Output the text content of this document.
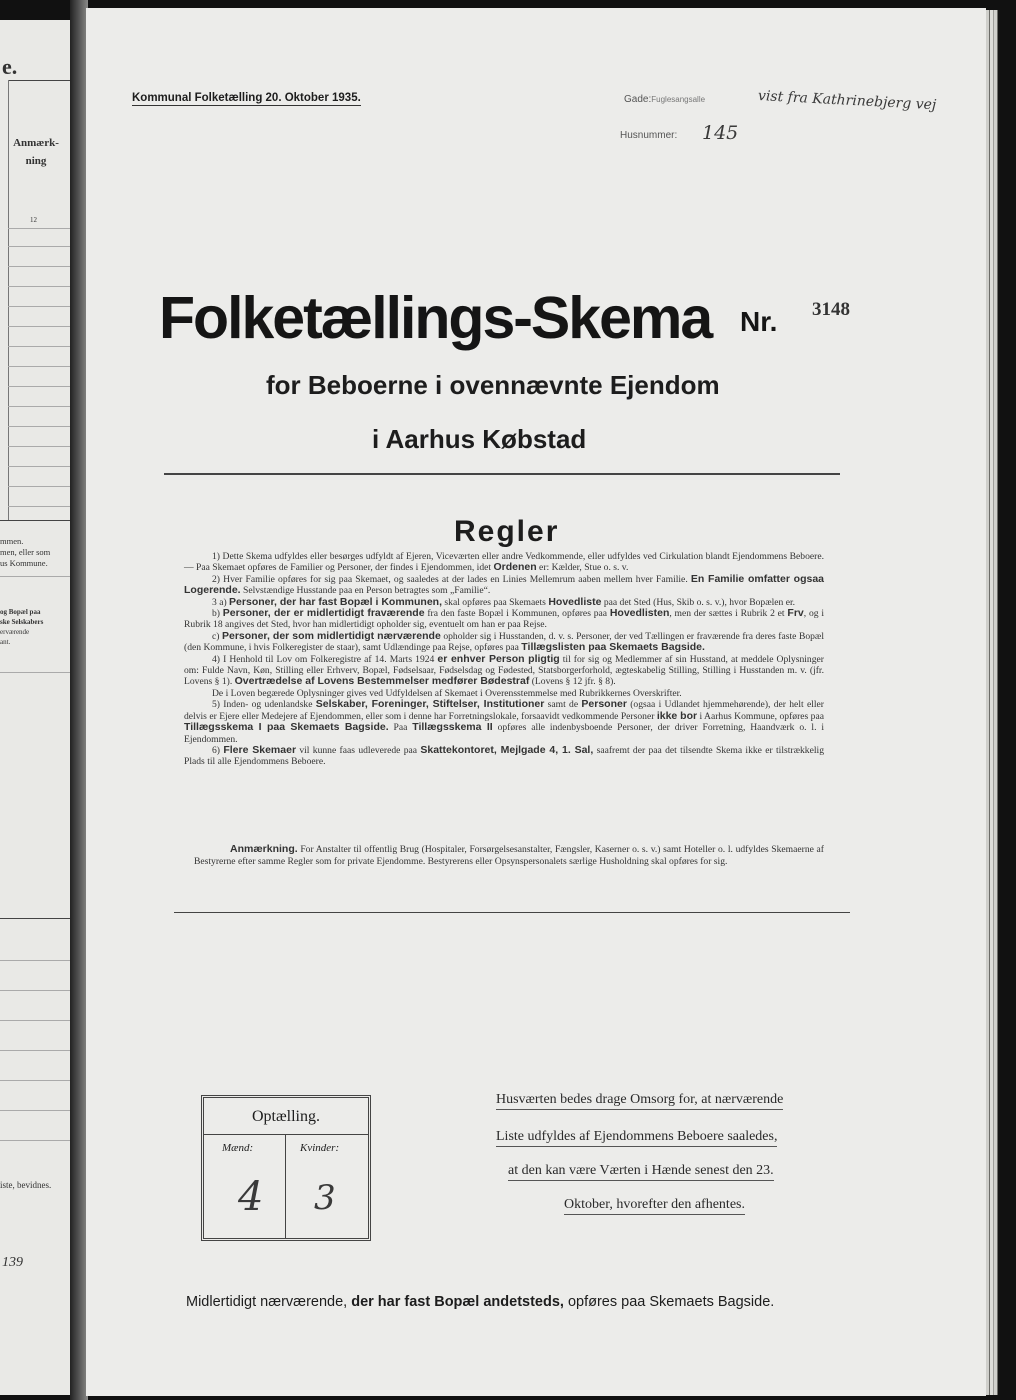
e.
Anmærk-
ning
12
mmen.
men, eller som
us Kommune.
og Bopæl paa
ske Selskabers
erværende
ant.
iste, bevidnes.
139
Kommunal Folketælling 20. Oktober 1935.	Gade:Fuglesangsalle	vist fra Kathrinebjerg vej
Husnummer: 145
Folketællings-Skema Nr. 3148
for Beboerne i ovennævnte Ejendom
i Aarhus Købstad
Regler

1) Dette Skema udfyldes eller besørges udfyldt af Ejeren, Viceværten eller andre Vedkommende, eller udfyldes ved Cirkulation blandt Ejendommens Beboere. — Paa Skemaet opføres de Familier og Personer, der findes i Ejendommen, idet Ordenen er: Kælder, Stue o. s. v.

2) Hver Familie opføres for sig paa Skemaet, og saaledes at der lades en Linies Mellemrum aaben mellem hver Familie. En Familie omfatter ogsaa Logerende. Selvstændige Husstande paa en Person betragtes som „Familie“.

3 a) Personer, der har fast Bopæl i Kommunen, skal opføres paa Skemaets Hovedliste paa det Sted (Hus, Skib o. s. v.), hvor Bopælen er.

b) Personer, der er midlertidigt fraværende fra den faste Bopæl i Kommunen, opføres paa Hovedlisten, men der sættes i Rubrik 2 et Frv, og i Rubrik 18 angives det Sted, hvor han midlertidigt opholder sig, eventuelt om han er paa Rejse.

c) Personer, der som midlertidigt nærværende opholder sig i Husstanden, d. v. s. Personer, der ved Tællingen er fraværende fra deres faste Bopæl (den Kommune, i hvis Folkeregister de staar), samt Udlændinge paa Rejse, opføres paa Tillægslisten paa Skemaets Bagside.

4) I Henhold til Lov om Folkeregistre af 14. Marts 1924 er enhver Person pligtig til for sig og Medlemmer af sin Husstand, at meddele Oplysninger om: Fulde Navn, Køn, Stilling eller Erhverv, Bopæl, Fødselsaar, Fødselsdag og Fødested, Statsborgerforhold, ægteskabelig Stilling, Stilling i Husstanden m. v. (jfr. Lovens § 1). Overtrædelse af Lovens Bestemmelser medfører Bødestraf (Lovens § 12 jfr. § 8).

De i Loven begærede Oplysninger gives ved Udfyldelsen af Skemaet i Overensstemmelse med Rubrikkernes Overskrifter.

5) Inden- og udenlandske Selskaber, Foreninger, Stiftelser, Institutioner samt de Personer (ogsaa i Udlandet hjemmehørende), der helt eller delvis er Ejere eller Medejere af Ejendommen, eller som i denne har Forretningslokale, forsaavidt vedkommende Personer ikke bor i Aarhus Kommune, opføres paa Tillægsskema I paa Skemaets Bagside. Paa Tillægsskema II opføres alle indenbysboende Personer, der driver Forretning, Haandværk o. l. i Ejendommen.

6) Flere Skemaer vil kunne faas udleverede paa Skattekontoret, Mejlgade 4, 1. Sal, saafremt der paa det tilsendte Skema ikke er tilstrækkelig Plads til alle Ejendommens Beboere.

Anmærkning. For Anstalter til offentlig Brug (Hospitaler, Forsørgelsesanstalter, Fængsler, Kaserner o. s. v.) samt Hoteller o. l. udfyldes Skemaerne af Bestyrerne efter samme Regler som for private Ejendomme. Bestyrerens eller Opsynspersonalets særlige Husholdning skal opføres for sig.
Optælling.
Mænd:	Kvinder:
4 3
Husværten bedes drage Omsorg for, at nærværende
Liste udfyldes af Ejendommens Beboere saaledes,
at den kan være Værten i Hænde senest den 23.
Oktober, hvorefter den afhentes.
Midlertidigt nærværende, der har fast Bopæl andetsteds, opføres paa Skemaets Bagside.
